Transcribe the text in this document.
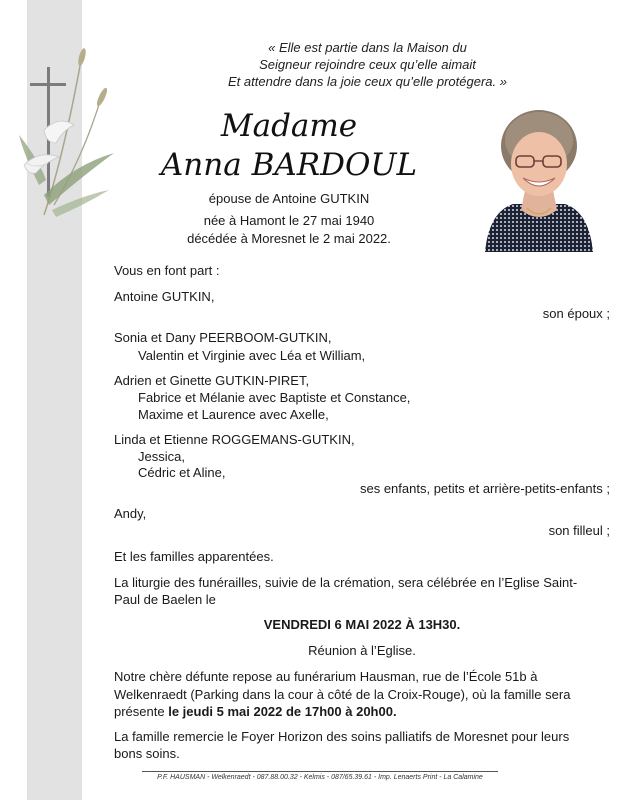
« Elle est partie dans la Maison du
Seigneur rejoindre ceux qu’elle aimait
Et attendre dans la joie ceux qu’elle protégera. »
Madame
Anna BARDOUL
épouse de Antoine GUTKIN
née à Hamont le 27 mai 1940
décédée à Moresnet le 2 mai 2022.
Vous en font part :
Antoine GUTKIN,
son époux ;
Sonia et Dany PEERBOOM-GUTKIN,
Valentin et Virginie avec Léa et William,
Adrien et Ginette GUTKIN-PIRET,
Fabrice et Mélanie avec Baptiste et Constance,
Maxime et Laurence avec Axelle,
Linda et Etienne ROGGEMANS-GUTKIN,
Jessica,
Cédric et Aline,
ses enfants, petits et arrière-petits-enfants ;
Andy,
son filleul ;
Et les familles apparentées.
La liturgie des funérailles, suivie de la crémation, sera célébrée en l’Eglise Saint-
Paul de Baelen le
VENDREDI 6 MAI 2022 À 13H30.
Réunion à l’Eglise.
Notre chère défunte repose au funérarium Hausman, rue de l’École 51b à
Welkenraedt (Parking dans la cour à côté de la Croix-Rouge), où la famille sera
présente le jeudi 5 mai 2022 de 17h00 à 20h00.
La famille remercie le Foyer Horizon des soins palliatifs de Moresnet pour leurs
bons soins.
P.F. HAUSMAN - Welkenraedt - 087.88.00.32 - Kelmis - 087/65.39.61 - Imp. Lenaerts Print - La Calamine
